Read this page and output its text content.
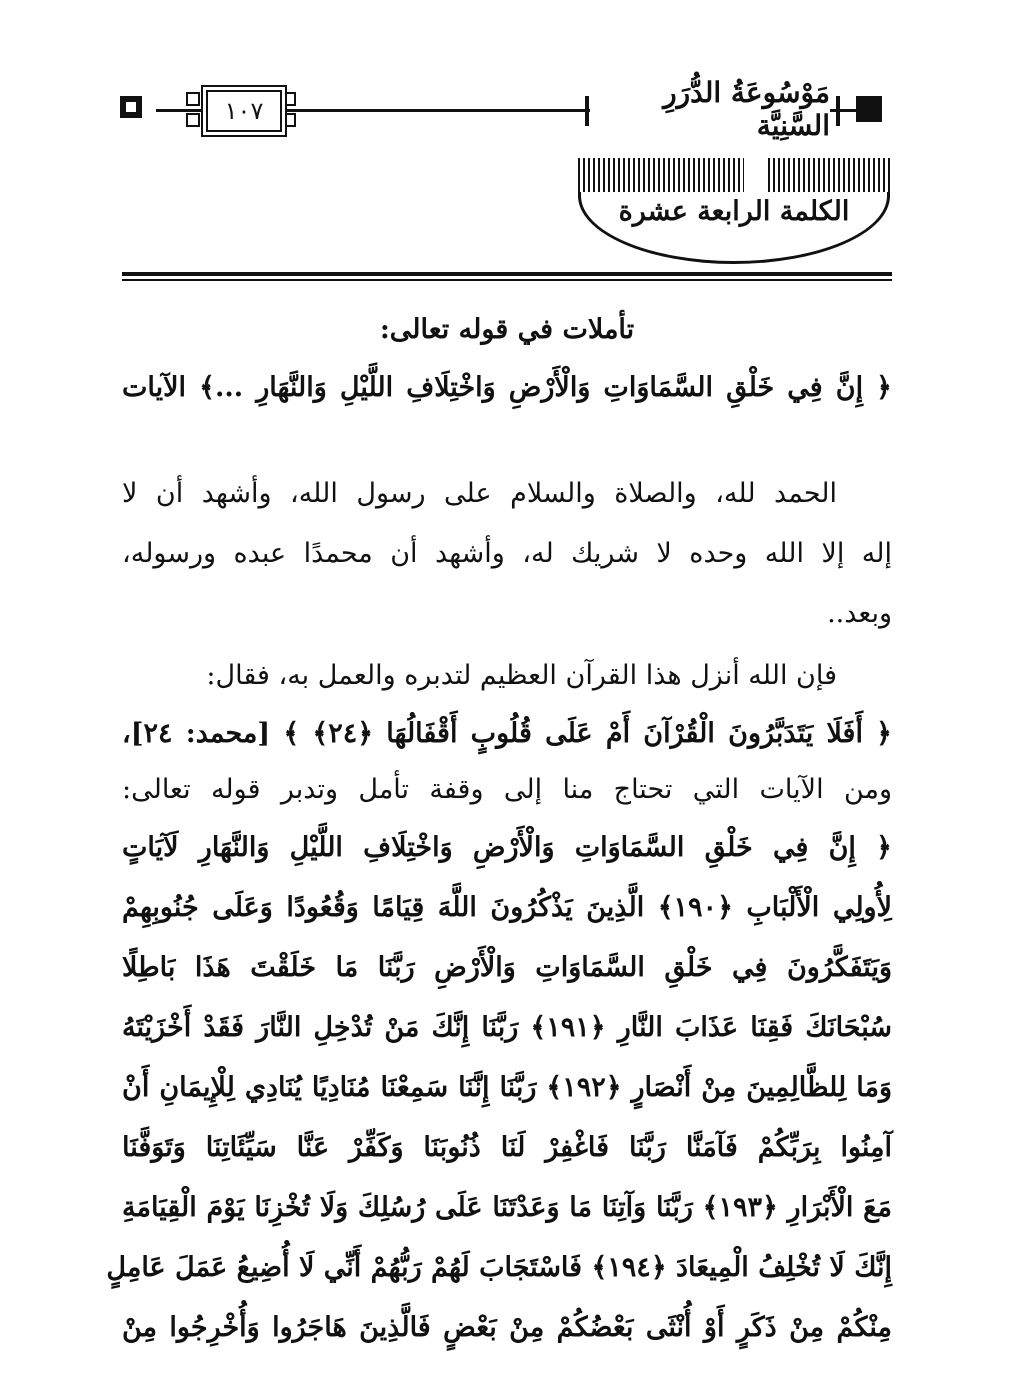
١٠٧
مَوْسُوعَةُ الدُّرَرِ السَّنِيَّة
الكلمة الرابعة عشرة
تأملات في قوله تعالى:
﴿ إِنَّ فِي خَلْقِ السَّمَاوَاتِ وَالْأَرْضِ وَاخْتِلَافِ اللَّيْلِ وَالنَّهَارِ ...﴾ الآيات
الحمد لله، والصلاة والسلام على رسول الله، وأشهد أن لا
إله إلا الله وحده لا شريك له، وأشهد أن محمدًا عبده ورسوله،
وبعد..
فإن الله أنزل هذا القرآن العظيم لتدبره والعمل به، فقال:
﴿ أَفَلَا يَتَدَبَّرُونَ الْقُرْآنَ أَمْ عَلَى قُلُوبٍ أَقْفَالُهَا ﴿٢٤﴾ ﴾ [محمد: ٢٤]،
ومن الآيات التي تحتاج منا إلى وقفة تأمل وتدبر قوله تعالى:
﴿ إِنَّ فِي خَلْقِ السَّمَاوَاتِ وَالْأَرْضِ وَاخْتِلَافِ اللَّيْلِ وَالنَّهَارِ لَآيَاتٍ
لِأُولِي الْأَلْبَابِ ﴿١٩٠﴾ الَّذِينَ يَذْكُرُونَ اللَّهَ قِيَامًا وَقُعُودًا وَعَلَى جُنُوبِهِمْ
وَيَتَفَكَّرُونَ فِي خَلْقِ السَّمَاوَاتِ وَالْأَرْضِ رَبَّنَا مَا خَلَقْتَ هَذَا بَاطِلًا
سُبْحَانَكَ فَقِنَا عَذَابَ النَّارِ ﴿١٩١﴾ رَبَّنَا إِنَّكَ مَنْ تُدْخِلِ النَّارَ فَقَدْ أَخْزَيْتَهُ
وَمَا لِلظَّالِمِينَ مِنْ أَنْصَارٍ ﴿١٩٢﴾ رَبَّنَا إِنَّنَا سَمِعْنَا مُنَادِيًا يُنَادِي لِلْإِيمَانِ أَنْ
آمِنُوا بِرَبِّكُمْ فَآمَنَّا رَبَّنَا فَاغْفِرْ لَنَا ذُنُوبَنَا وَكَفِّرْ عَنَّا سَيِّئَاتِنَا وَتَوَفَّنَا
مَعَ الْأَبْرَارِ ﴿١٩٣﴾ رَبَّنَا وَآتِنَا مَا وَعَدْتَنَا عَلَى رُسُلِكَ وَلَا تُخْزِنَا يَوْمَ الْقِيَامَةِ
إِنَّكَ لَا تُخْلِفُ الْمِيعَادَ ﴿١٩٤﴾ فَاسْتَجَابَ لَهُمْ رَبُّهُمْ أَنِّي لَا أُضِيعُ عَمَلَ عَامِلٍ
مِنْكُمْ مِنْ ذَكَرٍ أَوْ أُنْثَى بَعْضُكُمْ مِنْ بَعْضٍ فَالَّذِينَ هَاجَرُوا وَأُخْرِجُوا مِنْ
